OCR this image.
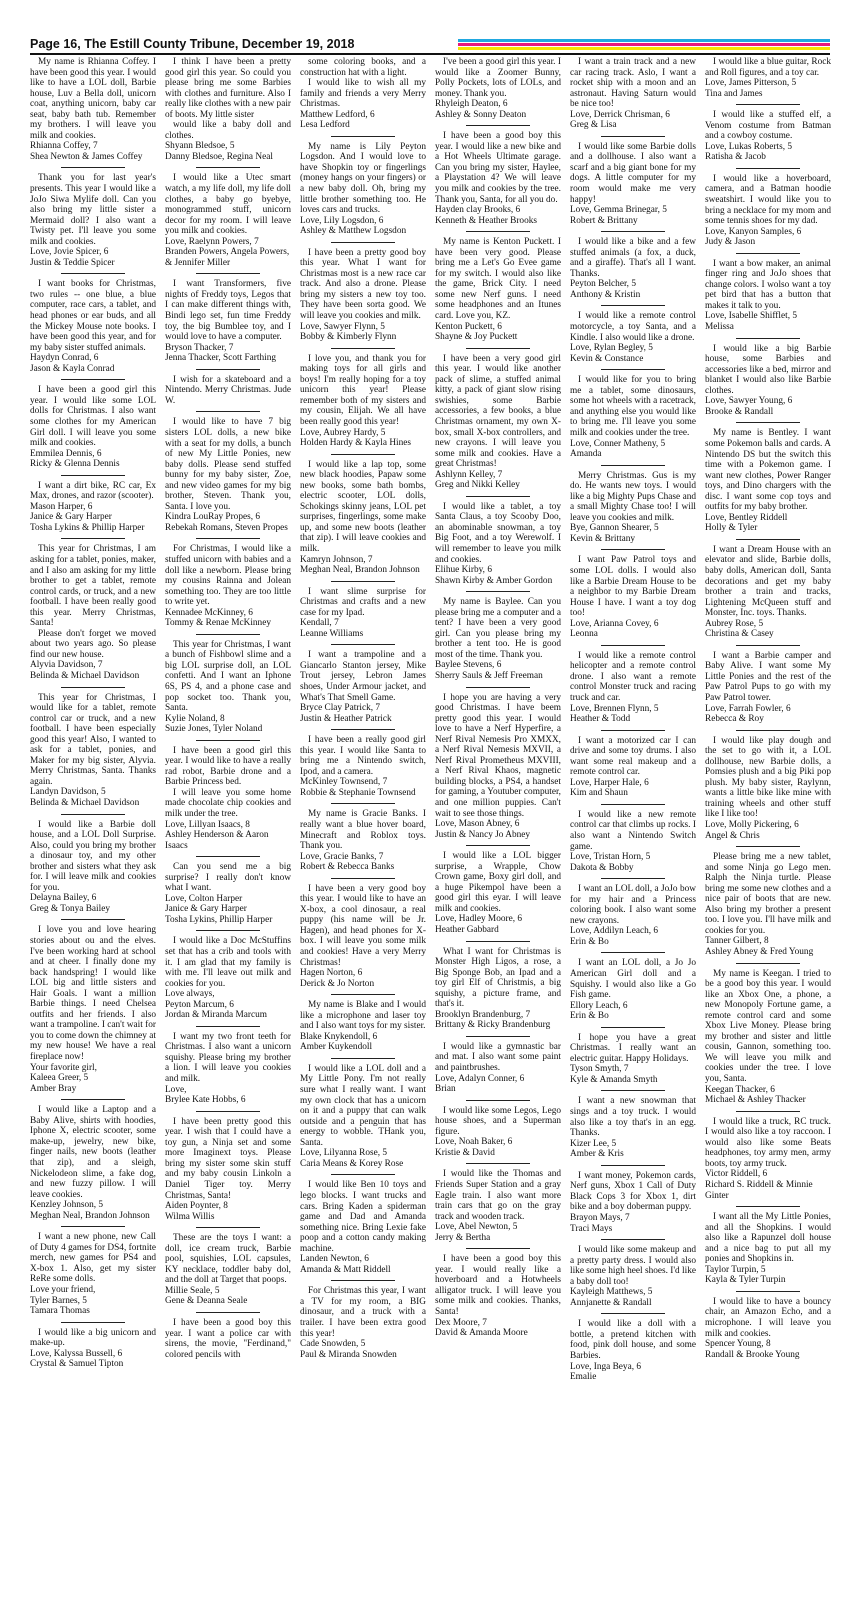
Page 16, The Estill County Tribune, December 19, 2018

My name is Rhianna Coffey. I have been good this year. I would like to have a LOL doll, Barbie house, Luv a Bella doll, unicorn coat, anything unicorn, baby car seat, baby bath tub. Remember my brothers. I will leave you milk and cookies.

Rhianna Coffey, 7

Shea Newton & James Coffey

Thank you for last year's presents. This year I would like a JoJo Siwa Mylife doll. Can you also bring my little sister a Mermaid doll? I also want a Twisty pet. I'll leave you some milk and cookies.

Love, Jovie Spicer, 6

Justin & Teddie Spicer

I want books for Christmas, two rules -- one blue, a blue computer, race cars, a tablet, and head phones or ear buds, and all the Mickey Mouse note books. I have been good this year, and for my baby sister stuffed animals.

Haydyn Conrad, 6

Jason & Kayla Conrad

I have been a good girl this year. I would like some LOL dolls for Christmas. I also want some clothes for my American Girl doll. I will leave you some milk and cookies.

Emmilea Dennis, 6

Ricky & Glenna Dennis

I want a dirt bike, RC car, Ex Max, drones, and razor (scooter).

Mason Harper, 6

Janice & Gary Harper

Tosha Lykins & Phillip Harper

This year for Christmas, I am asking for a tablet, ponies, maker, and I also am asking for my little brother to get a tablet, remote control cards, or truck, and a new football. I have been really good this year. Merry Christmas, Santa!

Please don't forget we moved about two years ago. So please find our new house.

Alyvia Davidson, 7

Belinda & Michael Davidson

This year for Christmas, I would like for a tablet, remote control car or truck, and a new football. I have been especially good this year! Also, I wanted to ask for a tablet, ponies, and Maker for my big sister, Alyvia. Merry Christmas, Santa. Thanks again.

Landyn Davidson, 5

Belinda & Michael Davidson

I would like a Barbie doll house, and a LOL Doll Surprise. Also, could you bring my brother a dinosaur toy, and my other brother and sisters what they ask for. I will leave milk and cookies for you.

Delayna Bailey, 6

Greg & Tonya Bailey

I love you and love hearing stories about ou and the elves. I've been working hard at school and at cheer. I finally done my back handspring! I would like LOL big and little sisters and Hair Goals. I want a million Barbie things. I need Chelsea outfits and her friends. I also want a trampoline. I can't wait for you to come down the chimney at my new house! We have a real fireplace now!

Your favorite girl,

Kaleea Greer, 5

Amber Bray

I would like a Laptop and a Baby Alive, shirts with hoodies, Iphone X, electric scooter, some make-up, jewelry, new bike, finger nails, new boots (leather that zip), and a sleigh, Nickelodeon slime, a fake dog, and new fuzzy pillow. I will leave cookies.

Kenzley Johnson, 5

Meghan Neal, Brandon Johnson

I want a new phone, new Call of Duty 4 games for DS4, fortnite merch, new games for PS4 and X-box 1. Also, get my sister ReRe some dolls.

Love your friend,

Tyler Barnes, 5

Tamara Thomas

I would like a big unicorn and make-up.

Love, Kalyssa Bussell, 6

Crystal & Samuel Tipton

I think I have been a pretty good girl this year. So could you please bring me some Barbies with clothes and furniture. Also I really like clothes with a new pair of boots. My little sister

would like a baby doll and clothes.

Shyann Bledsoe, 5

Danny Bledsoe, Regina Neal

I would like a Utec smart watch, a my life doll, my life doll clothes, a baby go byebye, monogrammed stuff, unicorn decor for my room. I will leave you milk and cookies.

Love, Raelynn Powers, 7

Branden Powers, Angela Powers, & Jennifer Miller

I want Transformers, five nights of Freddy toys, Legos that I can make different things with, Bindi lego set, fun time Freddy toy, the big Bumblee toy, and I would love to have a computer.

Bryson Thacker, 7

Jenna Thacker, Scott Farthing

I wish for a skateboard and a Nintendo. Merry Christmas. Jude W.

I would like to have 7 big sisters LOL dolls, a new bike with a seat for my dolls, a bunch of new My Little Ponies, new baby dolls. Please send stuffed bunny for my baby sister, Zoe, and new video games for my big brother, Steven. Thank you, Santa. I love you.

Kindra LouRay Propes, 6

Rebekah Romans, Steven Propes

For Christmas, I would like a stuffed unicorn with babies and a doll like a newborn. Please bring my cousins Rainna and Jolean something too. They are too little to write yet.

Kennadee McKinney, 6

Tommy & Renae McKinney

This year for Christmas, I want a bunch of Fishbowl slime and a big LOL surprise doll, an LOL confetti. And I want an Iphone 6S, PS 4, and a phone case and pop socket too. Thank you, Santa.

Kylie Noland, 8

Suzie Jones, Tyler Noland

I have been a good girl this year. I would like to have a really rad robot, Barbie drone and a Barbie Princess bed.

I will leave you some home made chocolate chip cookies and milk under the tree.

Love, Lillyan Isaacs, 8

Ashley Henderson & Aaron Isaacs

Can you send me a big surprise? I really don't know what I want.

Love, Colton Harper

Janice & Gary Harper

Tosha Lykins, Phillip Harper

I would like a Doc McStuffins set that has a crib and tools with it. I am glad that my family is with me. I'll leave out milk and cookies for you.

Love always,

Peyton Marcum, 6

Jordan & Miranda Marcum

I want my two front teeth for Christmas. I also want a unicorn squishy. Please bring my brother a lion. I will leave you cookies and milk.

Love,

Brylee Kate Hobbs, 6

I have been pretty good this year. I wish that I could have a toy gun, a Ninja set and some more Imaginext toys. Please bring my sister some skin stuff and my baby cousin Linkoln a Daniel Tiger toy. Merry Christmas, Santa!

Aiden Poynter, 8

Wilma Willis

These are the toys I want: a doll, ice cream truck, Barbie pool, squishies, LOL capsules, KY necklace, toddler baby dol, and the doll at Target that poops.

Millie Seale, 5

Gene & Deanna Seale

I have been a good boy this year. I want a police car with sirens, the movie, "Ferdinand," colored pencils with

some coloring books, and a construction hat with a light.

I would like to wish all my family and friends a very Merry Christmas.

Matthew Ledford, 6

Lesa Ledford

My name is Lily Peyton Logsdon. And I would love to have Shopkin toy or fingerlings (money hangs on your fingers) or a new baby doll. Oh, bring my little brother something too. He loves cars and trucks.

Love, Lily Logsdon, 6

Ashley & Matthew Logsdon

I have been a pretty good boy this year. What I want for Christmas most is a new race car track. And also a drone. Please bring my sisters a new toy too. They have been sorta good. We will leave you cookies and milk.

Love, Sawyer Flynn, 5

Bobby & Kimberly Flynn

I love you, and thank you for making toys for all girls and boys! I'm really hoping for a toy unicorn this year! Please remember both of my sisters and my cousin, Elijah. We all have been really good this year!

Love, Aubrey Hardy, 5

Holden Hardy & Kayla Hines

I would like a lap top, some new black hoodies, Papaw some new books, some bath bombs, electric scooter, LOL dolls, Schokings skinny jeans, LOL pet surprises, fingerlings, some make up, and some new boots (leather that zip). I will leave cookies and milk.

Kamryn Johnson, 7

Meghan Neal, Brandon Johnson

I want slime surprise for Christmas and crafts and a new case for my Ipad.

Kendall, 7

Leanne Williams

I want a trampoline and a Giancarlo Stanton jersey, Mike Trout jersey, Lebron James shoes, Under Armour jacket, and What's That Smell Game.

Bryce Clay Patrick, 7

Justin & Heather Patrick

I have been a really good girl this year. I would like Santa to bring me a Nintendo switch, Ipod, and a camera.

McKinley Townsend, 7

Robbie & Stephanie Townsend

My name is Gracie Banks. I really want a blue hover board, Minecraft and Roblox toys. Thank you.

Love, Gracie Banks, 7

Robert & Rebecca Banks

I have been a very good boy this year. I would like to have an X-box, a cool dinosaur, a real puppy (his name will be Jr. Hagen), and head phones for X-box. I will leave you some milk and cookies! Have a very Merry Christmas!

Hagen Norton, 6

Derick & Jo Norton

My name is Blake and I would like a microphone and laser toy and I also want toys for my sister.

Blake Knykendoll, 6

Amber Kuykendoll

I would like a LOL doll and a My Little Pony. I'm not really sure what I really want. I want my own clock that has a unicorn on it and a puppy that can walk outside and a penguin that has energy to wobble. THank you, Santa.

Love, Lilyanna Rose, 5

Caria Means & Korey Rose

I would like Ben 10 toys and lego blocks. I want trucks and cars. Bring Kaden a spiderman game and Dad and Amanda something nice. Bring Lexie fake poop and a cotton candy making machine.

Landen Newton, 6

Amanda & Matt Riddell

For Christmas this year, I want a TV for my room, a BIG dinosaur, and a truck with a trailer. I have been extra good this year!

Cade Snowden, 5

Paul & Miranda Snowden

I've been a good girl this year. I would like a Zoomer Bunny, Polly Pockets, lots of LOLs, and money. Thank you.

Rhyleigh Deaton, 6

Ashley & Sonny Deaton

I have been a good boy this year. I would like a new bike and a Hot Wheels Ultimate garage. Can you bring my sister, Haylee, a Playstation 4? We will leave you milk and cookies by the tree. Thank you, Santa, for all you do.

Hayden clay Brooks, 6

Kenneth & Heather Brooks

My name is Kenton Puckett. I have been very good. Please bring me a Let's Go Evee game for my switch. I would also like the game, Brick City. I need some new Nerf guns. I need some headphones and an Itunes card. Love you, KZ.

Kenton Puckett, 6

Shayne & Joy Puckett

I have been a very good girl this year. I would like another pack of slime, a stuffed animal kitty, a pack of giant slow rising swishies, some Barbie accessories, a few books, a blue Christmas ornament, my own X-box, small X-box controllers, and new crayons. I will leave you some milk and cookies. Have a great Christmas!

Ashlynn Kelley, 7

Greg and Nikki Kelley

I would like a tablet, a toy Santa Claus, a toy Scooby Doo, an abominable snowman, a toy Big Foot, and a toy Werewolf. I will remember to leave you milk and cookies.

Elihue Kirby, 6

Shawn Kirby & Amber Gordon

My name is Baylee. Can you please bring me a computer and a tent? I have been a very good girl. Can you please bring my brother a tent too. He is good most of the time. Thank you.

Baylee Stevens, 6

Sherry Sauls & Jeff Freeman

I hope you are having a very good Christmas. I have beem pretty good this year. I would love to have a Nerf Hyperfire, a Nerf Rival Nemesis Pro XMXX, a Nerf Rival Nemesis MXVII, a Nerf Rival Prometheus MXVIII, a Nerf Rival Khaos, magnetic building blocks, a PS4, a handset for gaming, a Youtuber computer, and one million puppies. Can't wait to see those things.

Love, Mason Abney, 6

Justin & Nancy Jo Abney

I would like a LOL bigger surprise, a Wrapple, Chow Crown game, Boxy girl doll, and a huge Pikempol have been a good girl this eyar. I will leave milk and cookies.

Love, Hadley Moore, 6

Heather Gabbard

What I want for Christmas is Monster High Ligos, a rose, a Big Sponge Bob, an Ipad and a toy girl Elf of Christmis, a big squishy, a picture frame, and that's it.

Brooklyn Brandenburg, 7

Brittany & Ricky Brandenburg

I would like a gymnastic bar and mat. I also want some paint and paintbrushes.

Love, Adalyn Conner, 6

Brian

I would like some Legos, Lego house shoes, and a Superman figure.

Love, Noah Baker, 6

Kristie & David

I would like the Thomas and Friends Super Station and a gray Eagle train. I also want more train cars that go on the gray track and wooden track.

Love, Abel Newton, 5

Jerry & Bertha

I have been a good boy this year. I would really like a hoverboard and a Hotwheels alligator truck. I will leave you some milk and cookies. Thanks, Santa!

Dex Moore, 7

David & Amanda Moore

I want a train track and a new car racing track. Aslo, I want a rocket ship with a moon and an astronaut. Having Saturn would be nice too!

Love, Derrick Chrisman, 6

Greg & Lisa

I would like some Barbie dolls and a dollhouse. I also want a scarf and a big giant bone for my dogs. A little computer for my room would make me very happy!

Love, Gemma Brinegar, 5

Robert & Brittany

I would like a bike and a few stuffed animals (a fox, a duck, and a giraffe). That's all I want. Thanks.

Peyton Belcher, 5

Anthony & Kristin

I would like a remote control motorcycle, a toy Santa, and a Kindle. I also would like a drone.

Love, Rylan Begley, 5

Kevin & Constance

I would like for you to bring me a tablet, some dinosaurs, some hot wheels with a racetrack, and anything else you would like to bring me. I'll leave you some milk and cookies under the tree.

Love, Conner Matheny, 5

Amanda

Merry Christmas. Gus is my do. He wants new toys. I would like a big Mighty Pups Chase and a small Mighty Chase too! I will leave you cookies and milk.

Bye, Gannon Shearer, 5

Kevin & Brittany

I want Paw Patrol toys and some LOL dolls. I would also like a Barbie Dream House to be a neighbor to my Barbie Dream House I have. I want a toy dog too!

Love, Arianna Covey, 6

Leonna

I would like a remote control helicopter and a remote control drone. I also want a remote control Monster truck and racing truck and car.

Love, Brennen Flynn, 5

Heather & Todd

I want a motorized car I can drive and some toy drums. I also want some real makeup and a remote control car.

Love, Harper Hale, 6

Kim and Shaun

I would like a new remote control car that climbs up rocks. I also want a Nintendo Switch game.

Love, Tristan Horn, 5

Dakota & Bobby

I want an LOL doll, a JoJo bow for my hair and a Princess coloring book. I also want some new crayons.

Love, Addilyn Leach, 6

Erin & Bo

I want an LOL doll, a Jo Jo American Girl doll and a Squishy. I would also like a Go Fish game.

Ellory Leach, 6

Erin & Bo

I hope you have a great Christmas. I really want an electric guitar. Happy Holidays.

Tyson Smyth, 7

Kyle & Amanda Smyth

I want a new snowman that sings and a toy truck. I would also like a toy that's in an egg. Thanks.

Kizer Lee, 5

Amber & Kris

I want money, Pokemon cards, Nerf guns, Xbox 1 Call of Duty Black Cops 3 for Xbox 1, dirt bike and a boy doberman puppy.

Brayon Mays, 7

Traci Mays

I would like some makeup and a pretty party dress. I would also like some high heel shoes. I'd like a baby doll too!

Kayleigh Matthews, 5

Annjanette & Randall

I would like a doll with a bottle, a pretend kitchen with food, pink doll house, and some Barbies.

Love, Inga Beya, 6

Emalie

I would like a blue guitar, Rock and Roll figures, and a toy car.

Love, James Pitterson, 5

Tina and James

I would like a stuffed elf, a Venom costume from Batman and a cowboy costume.

Love, Lukas Roberts, 5

Ratisha & Jacob

I would like a hoverboard, camera, and a Batman hoodie sweatshirt. I would like you to bring a necklace for my mom and some tennis shoes for my dad.

Love, Kanyon Samples, 6

Judy & Jason

I want a bow maker, an animal finger ring and JoJo shoes that change colors. I wolso want a toy pet bird that has a button that makes it talk to you.

Love, Isabelle Shifflet, 5

Melissa

I would like a big Barbie house, some Barbies and accessories like a bed, mirror and blanket I would also like Barbie clothes.

Love, Sawyer Young, 6

Brooke & Randall

My name is Bentley. I want some Pokemon balls and cards. A Nintendo DS but the switch this time with a Pokemon game. I want new clothes, Power Ranger toys, and Dino chargers with the disc. I want some cop toys and outfits for my baby brother.

Love, Bentley Riddell

Holly & Tyler

I want a Dream House with an elevator and slide, Barbie dolls, baby dolls, American doll, Santa decorations and get my baby brother a train and tracks, Lightening McQueen stuff and Monster, Inc. toys. Thanks.

Aubrey Rose, 5

Christina & Casey

I want a Barbie camper and Baby Alive. I want some My Little Ponies and the rest of the Paw Patrol Pups to go with my Paw Patrol tower.

Love, Farrah Fowler, 6

Rebecca & Roy

I would like play dough and the set to go with it, a LOL dollhouse, new Barbie dolls, a Pomsies plush and a big Piki pop plush. My baby sister, Raylynn, wants a little bike like mine with training wheels and other stuff like I like too!

Love, Molly Pickering, 6

Angel & Chris

Please bring me a new tablet, and some Ninja go Lego men. Ralph the Ninja turtle. Please bring me some new clothes and a nice pair of boots that are new. Also bring my brother a present too. I love you. I'll have milk and cookies for you.

Tanner Gilbert, 8

Ashley Abney & Fred Young

My name is Keegan. I tried to be a good boy this year. I would like an Xbox One, a phone, a new Monopoly Fortune game, a remote control card and some Xbox Live Money. Please bring my brother and sister and little cousin, Gannon, something too. We will leave you milk and cookies under the tree. I love you, Santa.

Keegan Thacker, 6

Michael & Ashley Thacker

I would like a truck, RC truck. I would also like a toy raccoon. I would also like some Beats headphones, toy army men, army boots, toy army truck.

Victor Riddell, 6

Richard S. Riddell & Minnie Ginter

I want all the My Little Ponies, and all the Shopkins. I would also like a Rapunzel doll house and a nice bag to put all my ponies and Shopkins in.

Taylor Turpin, 5

Kayla & Tyler Turpin

I would like to have a bouncy chair, an Amazon Echo, and a microphone. I will leave you milk and cookies.

Spencer Young, 8

Randall & Brooke Young
